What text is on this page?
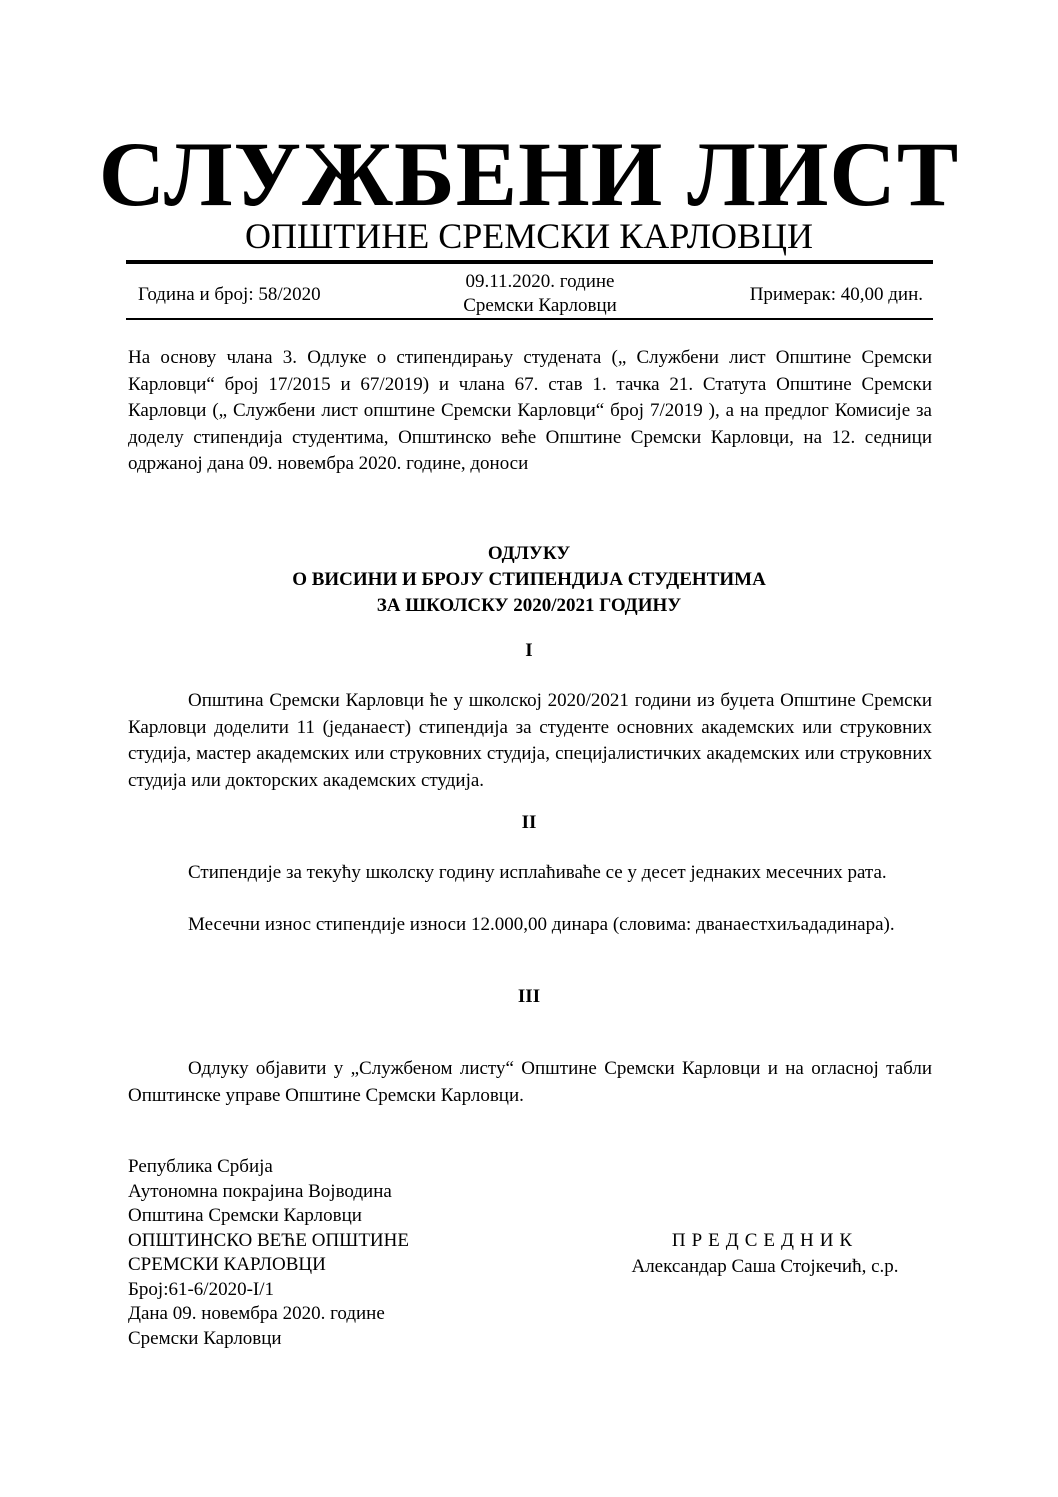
СЛУЖБЕНИ ЛИСТ
ОПШТИНЕ СРЕМСКИ КАРЛОВЦИ
Година и број: 58/2020
09.11.2020. године
Сремски Карловци
Примерак: 40,00 дин.

На основу члана 3. Одлуке о стипендирању студената („ Службени лист Општине Сремски Карловци“ број 17/2015 и 67/2019) и члана 67. став 1. тачка 21. Статута Општине Сремски Карловци („ Службени лист општине Сремски Карловци“ број 7/2019 ), а на предлог Комисије за доделу стипендија студентима, Општинско веће Општине Сремски Карловци, на 12. седници одржаној дана 09. новембра 2020. године, доноси

ОДЛУКУ
О ВИСИНИ И БРОЈУ СТИПЕНДИЈА СТУДЕНТИМА
ЗА ШКОЛСКУ 2020/2021 ГОДИНУ
I

Општина Сремски Карловци ће у школској 2020/2021 години из буџета Општине Сремски Карловци доделити 11 (једанаест) стипендија за студенте основних академских или струковних студија, мастер академских или струковних студија, специјалистичких академских или струковних студија или докторских академских студија.

II

Стипендије за текућу школску годину исплаћиваће се у десет једнаких месечних рата.

Месечни износ стипендије износи 12.000,00 динара (словима: дванаестхиљададинара).

III

Одлуку објавити у „Службеном листу“ Општине Сремски Карловци и на огласној табли Општинске управе Општине Сремски Карловци.

Република Србија
Аутономна покрајина Војводина
Општина Сремски Карловци
ОПШТИНСКО ВЕЋЕ ОПШТИНЕ
СРЕМСКИ КАРЛОВЦИ
Број:61-6/2020-I/1
Дана 09. новембра 2020. године
Сремски Карловци
ПРЕДСЕДНИК
Александар Саша Стојкечић, с.р.
